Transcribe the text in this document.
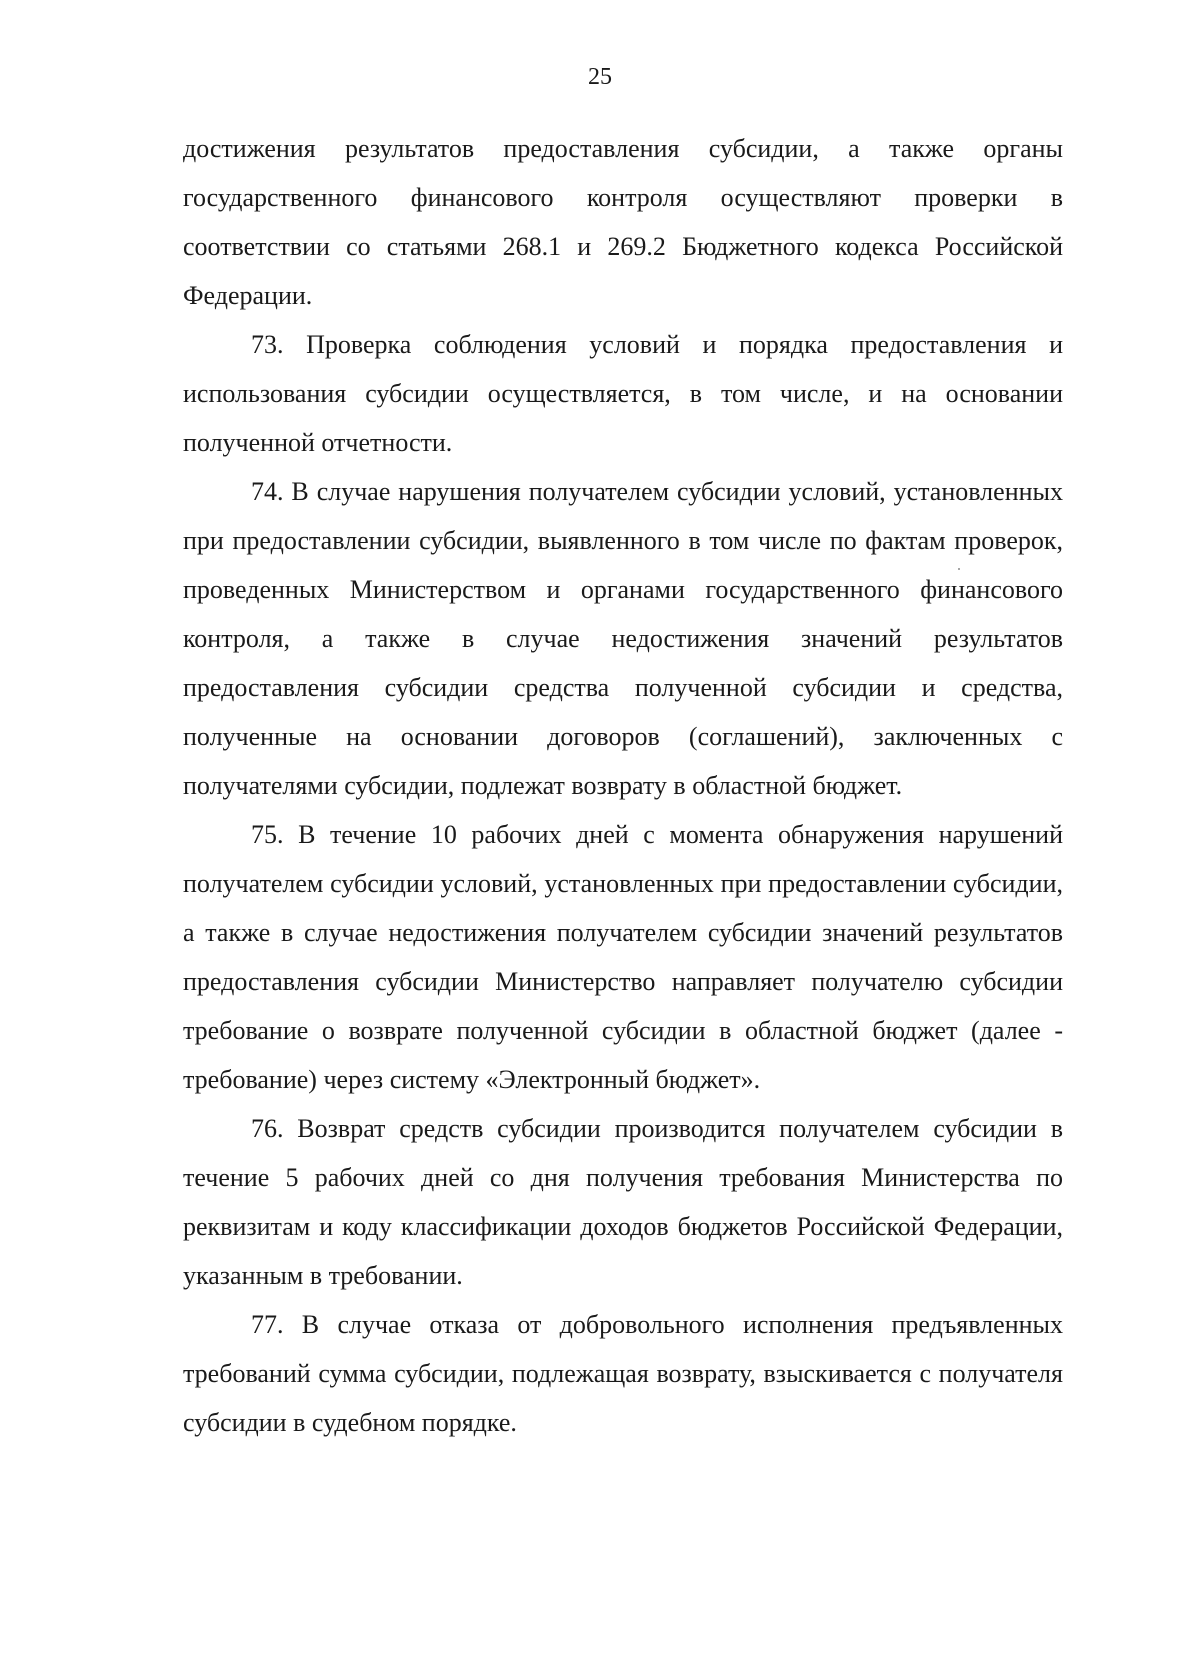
25

достижения результатов предоставления субсидии, а также органы государственного финансового контроля осуществляют проверки в соответствии со статьями 268.1 и 269.2 Бюджетного кодекса Российской Федерации.

73. Проверка соблюдения условий и порядка предоставления и использования субсидии осуществляется, в том числе, и на основании полученной отчетности.

74. В случае нарушения получателем субсидии условий, установленных при предоставлении субсидии, выявленного в том числе по фактам проверок, проведенных Министерством и органами государственного финансового контроля, а также в случае недостижения значений результатов предоставления субсидии средства полученной субсидии и средства, полученные на основании договоров (соглашений), заключенных с получателями субсидии, подлежат возврату в областной бюджет.

75. В течение 10 рабочих дней с момента обнаружения нарушений получателем субсидии условий, установленных при предоставлении субсидии, а также в случае недостижения получателем субсидии значений результатов предоставления субсидии Министерство направляет получателю субсидии требование о возврате полученной субсидии в областной бюджет (далее - требование) через систему «Электронный бюджет».

76. Возврат средств субсидии производится получателем субсидии в течение 5 рабочих дней со дня получения требования Министерства по реквизитам и коду классификации доходов бюджетов Российской Федерации, указанным в требовании.

77. В случае отказа от добровольного исполнения предъявленных требований сумма субсидии, подлежащая возврату, взыскивается с получателя субсидии в судебном порядке.
